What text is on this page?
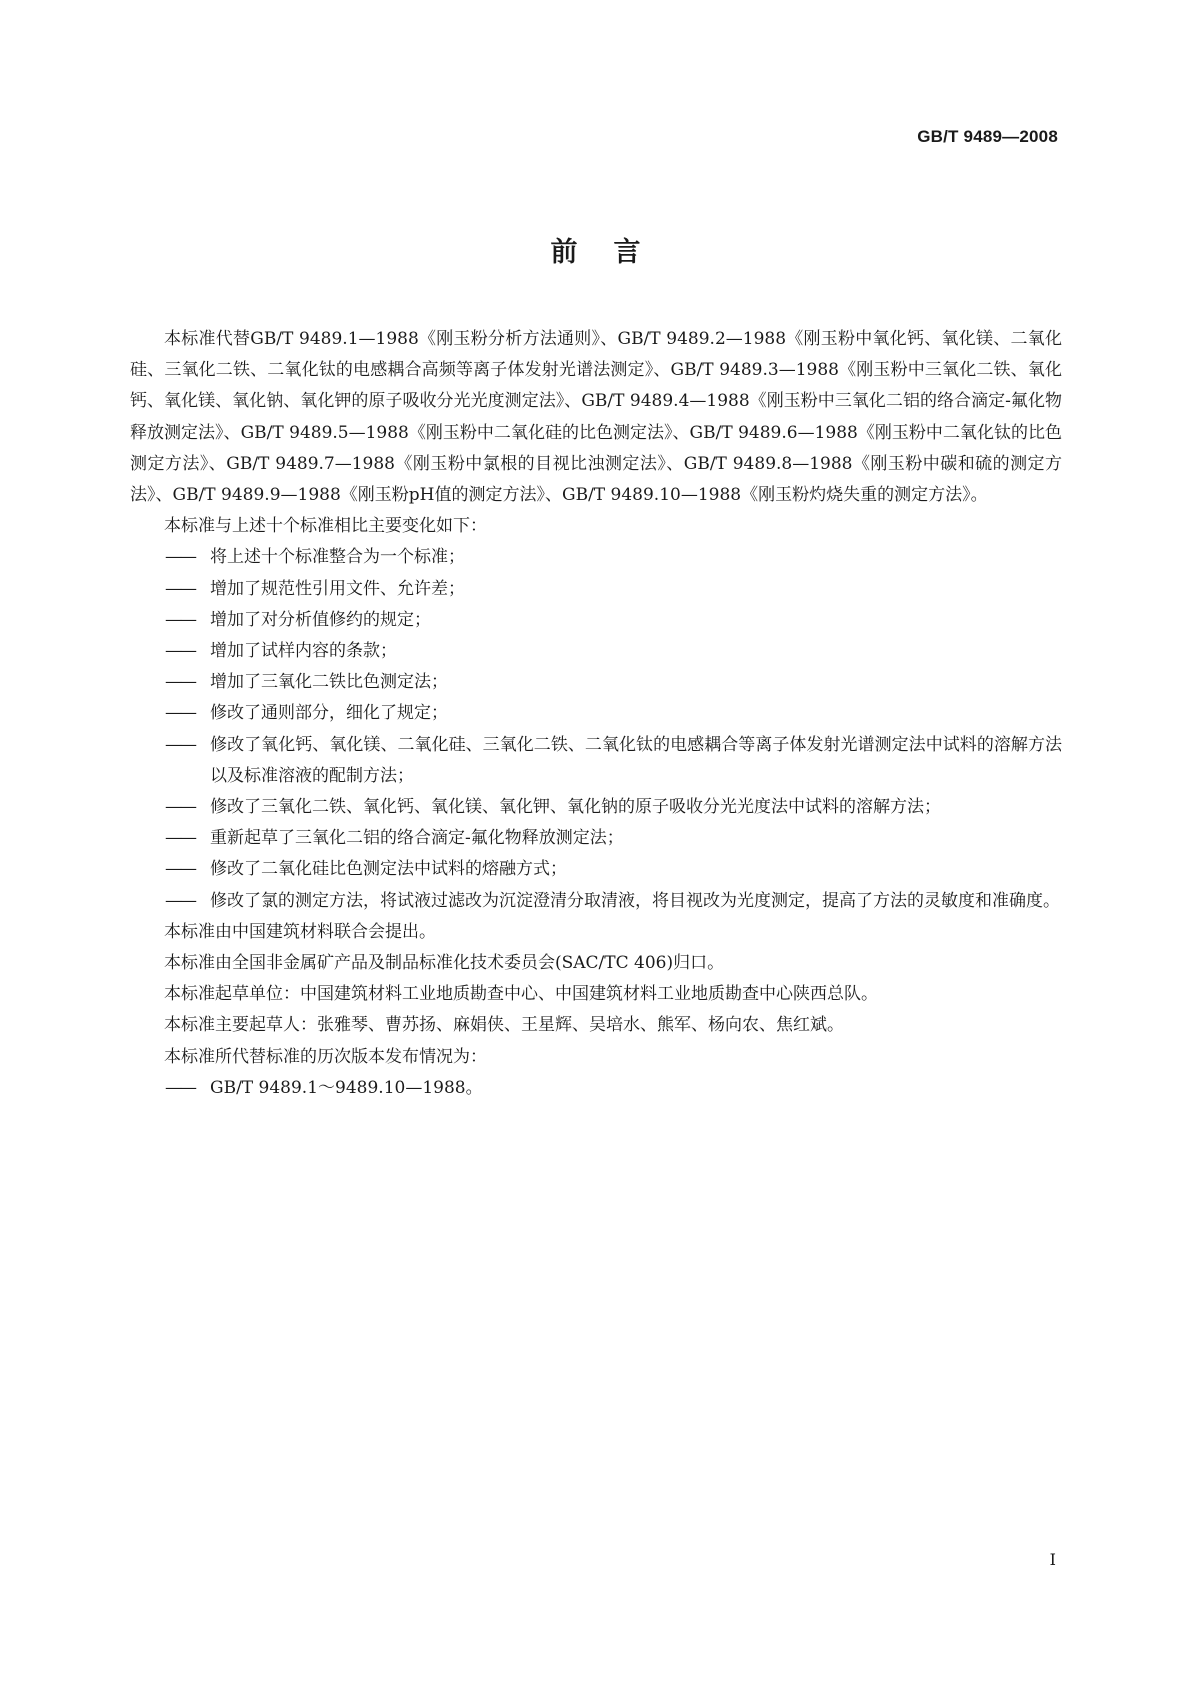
GB/T 9489—2008
前言

本标准代替GB/T 9489.1—1988《刚玉粉分析方法通则》、GB/T 9489.2—1988《刚玉粉中氧化钙、氧化镁、二氧化硅、三氧化二铁、二氧化钛的电感耦合高频等离子体发射光谱法测定》、GB/T 9489.3—1988《刚玉粉中三氧化二铁、氧化钙、氧化镁、氧化钠、氧化钾的原子吸收分光光度测定法》、GB/T 9489.4—1988《刚玉粉中三氧化二铝的络合滴定-氟化物释放测定法》、GB/T 9489.5—1988《刚玉粉中二氧化硅的比色测定法》、GB/T 9489.6—1988《刚玉粉中二氧化钛的比色测定方法》、GB/T 9489.7—1988《刚玉粉中氯根的目视比浊测定法》、GB/T 9489.8—1988《刚玉粉中碳和硫的测定方法》、GB/T 9489.9—1988《刚玉粉pH值的测定方法》、GB/T 9489.10—1988《刚玉粉灼烧失重的测定方法》。

本标准与上述十个标准相比主要变化如下：

—— 将上述十个标准整合为一个标准；
—— 增加了规范性引用文件、允许差；
—— 增加了对分析值修约的规定；
—— 增加了试样内容的条款；
—— 增加了三氧化二铁比色测定法；
—— 修改了通则部分，细化了规定；
—— 修改了氧化钙、氧化镁、二氧化硅、三氧化二铁、二氧化钛的电感耦合等离子体发射光谱测定法中试料的溶解方法以及标准溶液的配制方法；
—— 修改了三氧化二铁、氧化钙、氧化镁、氧化钾、氧化钠的原子吸收分光光度法中试料的溶解方法；
—— 重新起草了三氧化二铝的络合滴定-氟化物释放测定法；
—— 修改了二氧化硅比色测定法中试料的熔融方式；
—— 修改了氯的测定方法，将试液过滤改为沉淀澄清分取清液，将目视改为光度测定，提高了方法的灵敏度和准确度。

本标准由中国建筑材料联合会提出。

本标准由全国非金属矿产品及制品标准化技术委员会(SAC/TC 406)归口。

本标准起草单位：中国建筑材料工业地质勘查中心、中国建筑材料工业地质勘查中心陕西总队。

本标准主要起草人：张雅琴、曹苏扬、麻娟侠、王星辉、吴培水、熊军、杨向农、焦红斌。

本标准所代替标准的历次版本发布情况为：

—— GB/T 9489.1～9489.10—1988。
I
